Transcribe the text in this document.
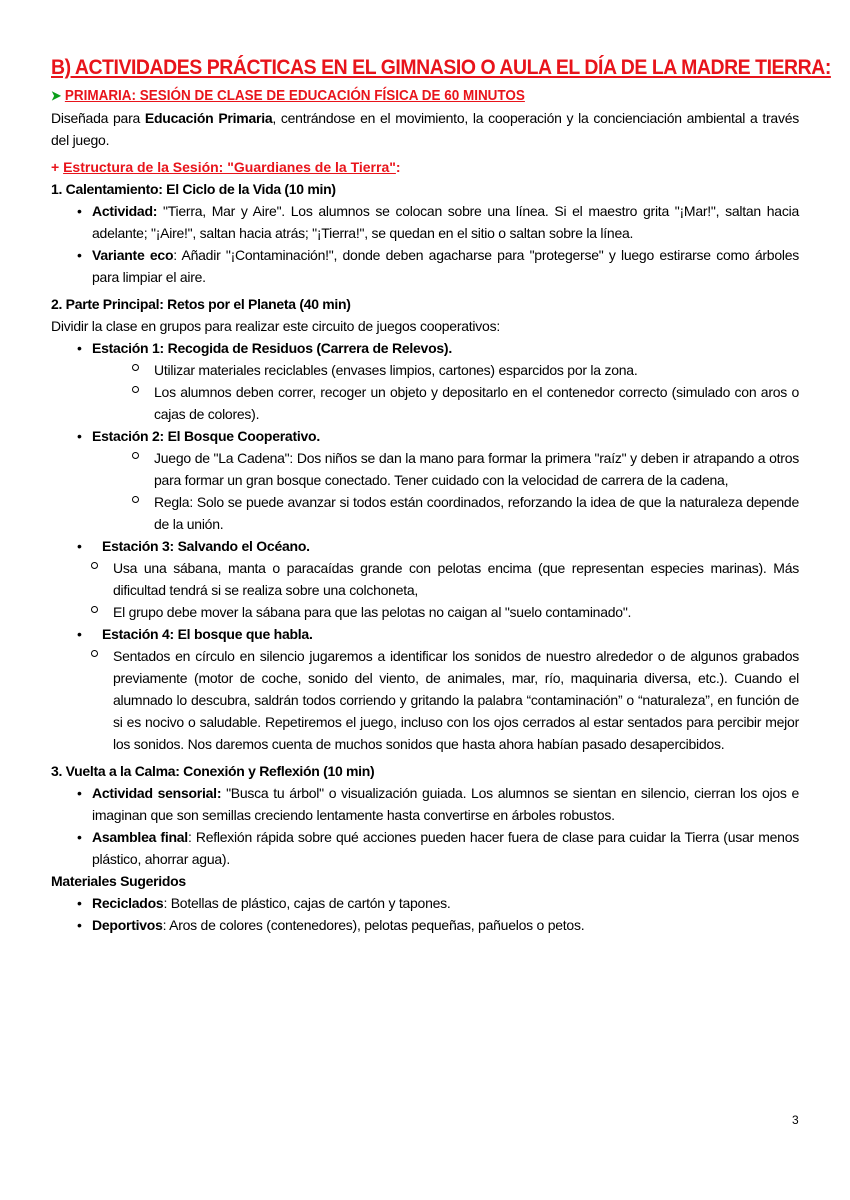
B) ACTIVIDADES PRÁCTICAS EN EL GIMNASIO O AULA EL DÍA DE LA MADRE TIERRA:
➤ PRIMARIA: SESIÓN DE CLASE DE EDUCACIÓN FÍSICA DE 60 MINUTOS

Diseñada para Educación Primaria, centrándose en el movimiento, la cooperación y la concienciación ambiental a través del juego.

+ Estructura de la Sesión: "Guardianes de la Tierra":
1. Calentamiento: El Ciclo de la Vida (10 min)
• Actividad: "Tierra, Mar y Aire". Los alumnos se colocan sobre una línea. Si el maestro grita "¡Mar!", saltan hacia adelante; "¡Aire!", saltan hacia atrás; "¡Tierra!", se quedan en el sitio o saltan sobre la línea.
• Variante eco: Añadir "¡Contaminación!", donde deben agacharse para "protegerse" y luego estirarse como árboles para limpiar el aire.
2. Parte Principal: Retos por el Planeta (40 min)

Dividir la clase en grupos para realizar este circuito de juegos cooperativos:

• Estación 1: Recogida de Residuos (Carrera de Relevos).
Utilizar materiales reciclables (envases limpios, cartones) esparcidos por la zona.
Los alumnos deben correr, recoger un objeto y depositarlo en el contenedor correcto (simulado con aros o cajas de colores).
• Estación 2: El Bosque Cooperativo.
Juego de "La Cadena": Dos niños se dan la mano para formar la primera "raíz" y deben ir atrapando a otros para formar un gran bosque conectado. Tener cuidado con la velocidad de carrera de la cadena,
Regla: Solo se puede avanzar si todos están coordinados, reforzando la idea de que la naturaleza depende de la unión.
• Estación 3: Salvando el Océano.
Usa una sábana, manta o paracaídas grande con pelotas encima (que representan especies marinas). Más dificultad tendrá si se realiza sobre una colchoneta,
El grupo debe mover la sábana para que las pelotas no caigan al "suelo contaminado".
• Estación 4: El bosque que habla.
Sentados en círculo en silencio jugaremos a identificar los sonidos de nuestro alrededor o de algunos grabados previamente (motor de coche, sonido del viento, de animales, mar, río, maquinaria diversa, etc.). Cuando el alumnado lo descubra, saldrán todos corriendo y gritando la palabra “contaminación” o “naturaleza”, en función de si es nocivo o saludable. Repetiremos el juego, incluso con los ojos cerrados al estar sentados para percibir mejor los sonidos. Nos daremos cuenta de muchos sonidos que hasta ahora habían pasado desapercibidos.
3. Vuelta a la Calma: Conexión y Reflexión (10 min)
• Actividad sensorial: "Busca tu árbol" o visualización guiada. Los alumnos se sientan en silencio, cierran los ojos e imaginan que son semillas creciendo lentamente hasta convertirse en árboles robustos.
• Asamblea final: Reflexión rápida sobre qué acciones pueden hacer fuera de clase para cuidar la Tierra (usar menos plástico, ahorrar agua).
Materiales Sugeridos
• Reciclados: Botellas de plástico, cajas de cartón y tapones.
• Deportivos: Aros de colores (contenedores), pelotas pequeñas, pañuelos o petos.
3
